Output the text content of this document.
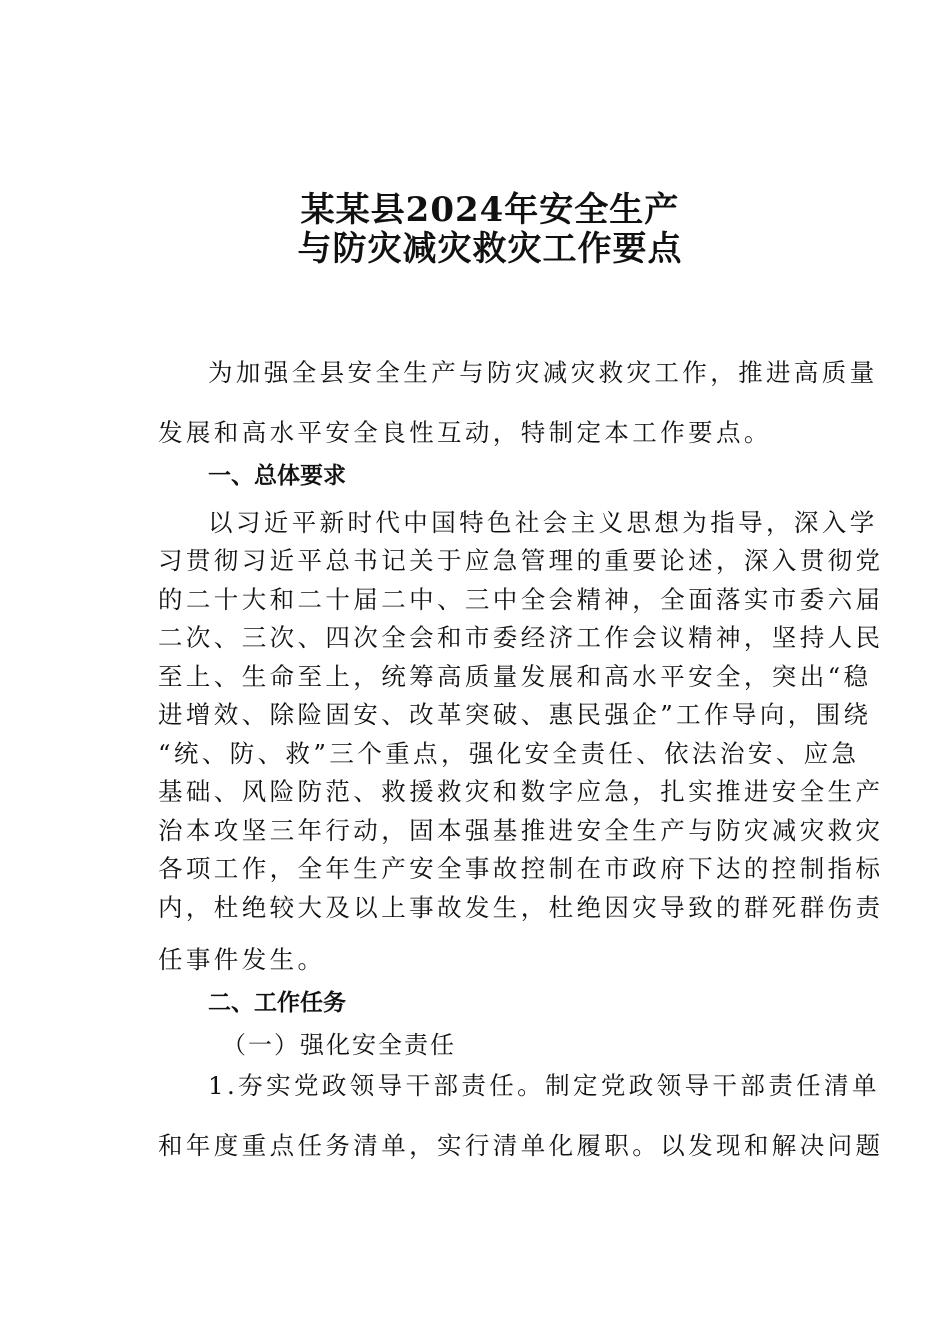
某某县2024年安全生产
与防灾减灾救灾工作要点
为加强全县安全生产与防灾减灾救灾工作，推进高质量
发展和高水平安全良性互动，特制定本工作要点。
一、总体要求
以习近平新时代中国特色社会主义思想为指导，深入学
习贯彻习近平总书记关于应急管理的重要论述，深入贯彻党
的二十大和二十届二中、三中全会精神，全面落实市委六届
二次、三次、四次全会和市委经济工作会议精神，坚持人民
至上、生命至上，统筹高质量发展和高水平安全，突出“稳
进增效、除险固安、改革突破、惠民强企”工作导向，围绕
“统、防、救”三个重点，强化安全责任、依法治安、应急
基础、风险防范、救援救灾和数字应急，扎实推进安全生产
治本攻坚三年行动，固本强基推进安全生产与防灾减灾救灾
各项工作，全年生产安全事故控制在市政府下达的控制指标
内，杜绝较大及以上事故发生，杜绝因灾导致的群死群伤责
任事件发生。
二、工作任务
（一）强化安全责任
1.夯实党政领导干部责任。制定党政领导干部责任清单
和年度重点任务清单，实行清单化履职。以发现和解决问题
